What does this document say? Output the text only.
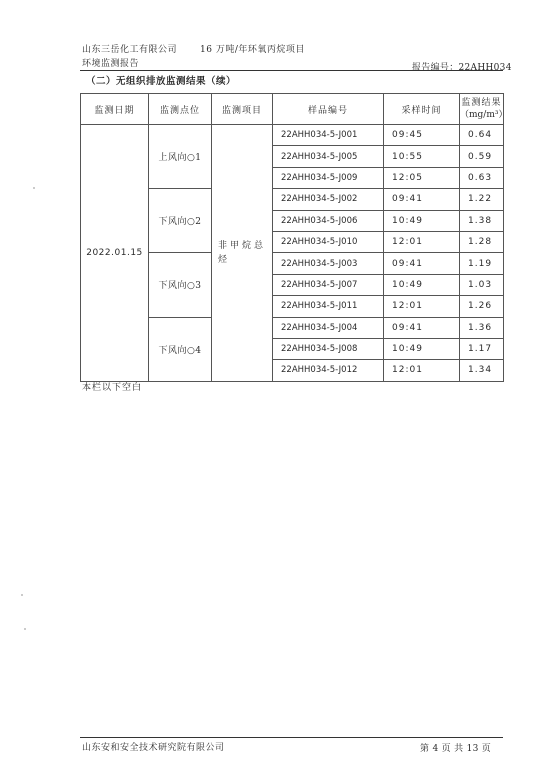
山东三岳化工有限公司	16 万吨/年环氧丙烷项目
环境监测报告	报告编号：22AHH034
（二）无组织排放监测结果（续）
监测日期	监测点位	监测项目	样品编号	采样时间	监测结果
（mg/m³）

2022.01.15	上风向○1	非甲烷总烃	22AHH034-5-J001	09:45	0.64
			22AHH034-5-J005	10:55	0.59
			22AHH034-5-J009	12:05	0.63
	下风向○2		22AHH034-5-J002	09:41	1.22
			22AHH034-5-J006	10:49	1.38
			22AHH034-5-J010	12:01	1.28
	下风向○3		22AHH034-5-J003	09:41	1.19
			22AHH034-5-J007	10:49	1.03
			22AHH034-5-J011	12:01	1.26
	下风向○4		22AHH034-5-J004	09:41	1.36
			22AHH034-5-J008	10:49	1.17
			22AHH034-5-J012	12:01	1.34
本栏以下空白
山东安和安全技术研究院有限公司	第 4 页 共 13 页
